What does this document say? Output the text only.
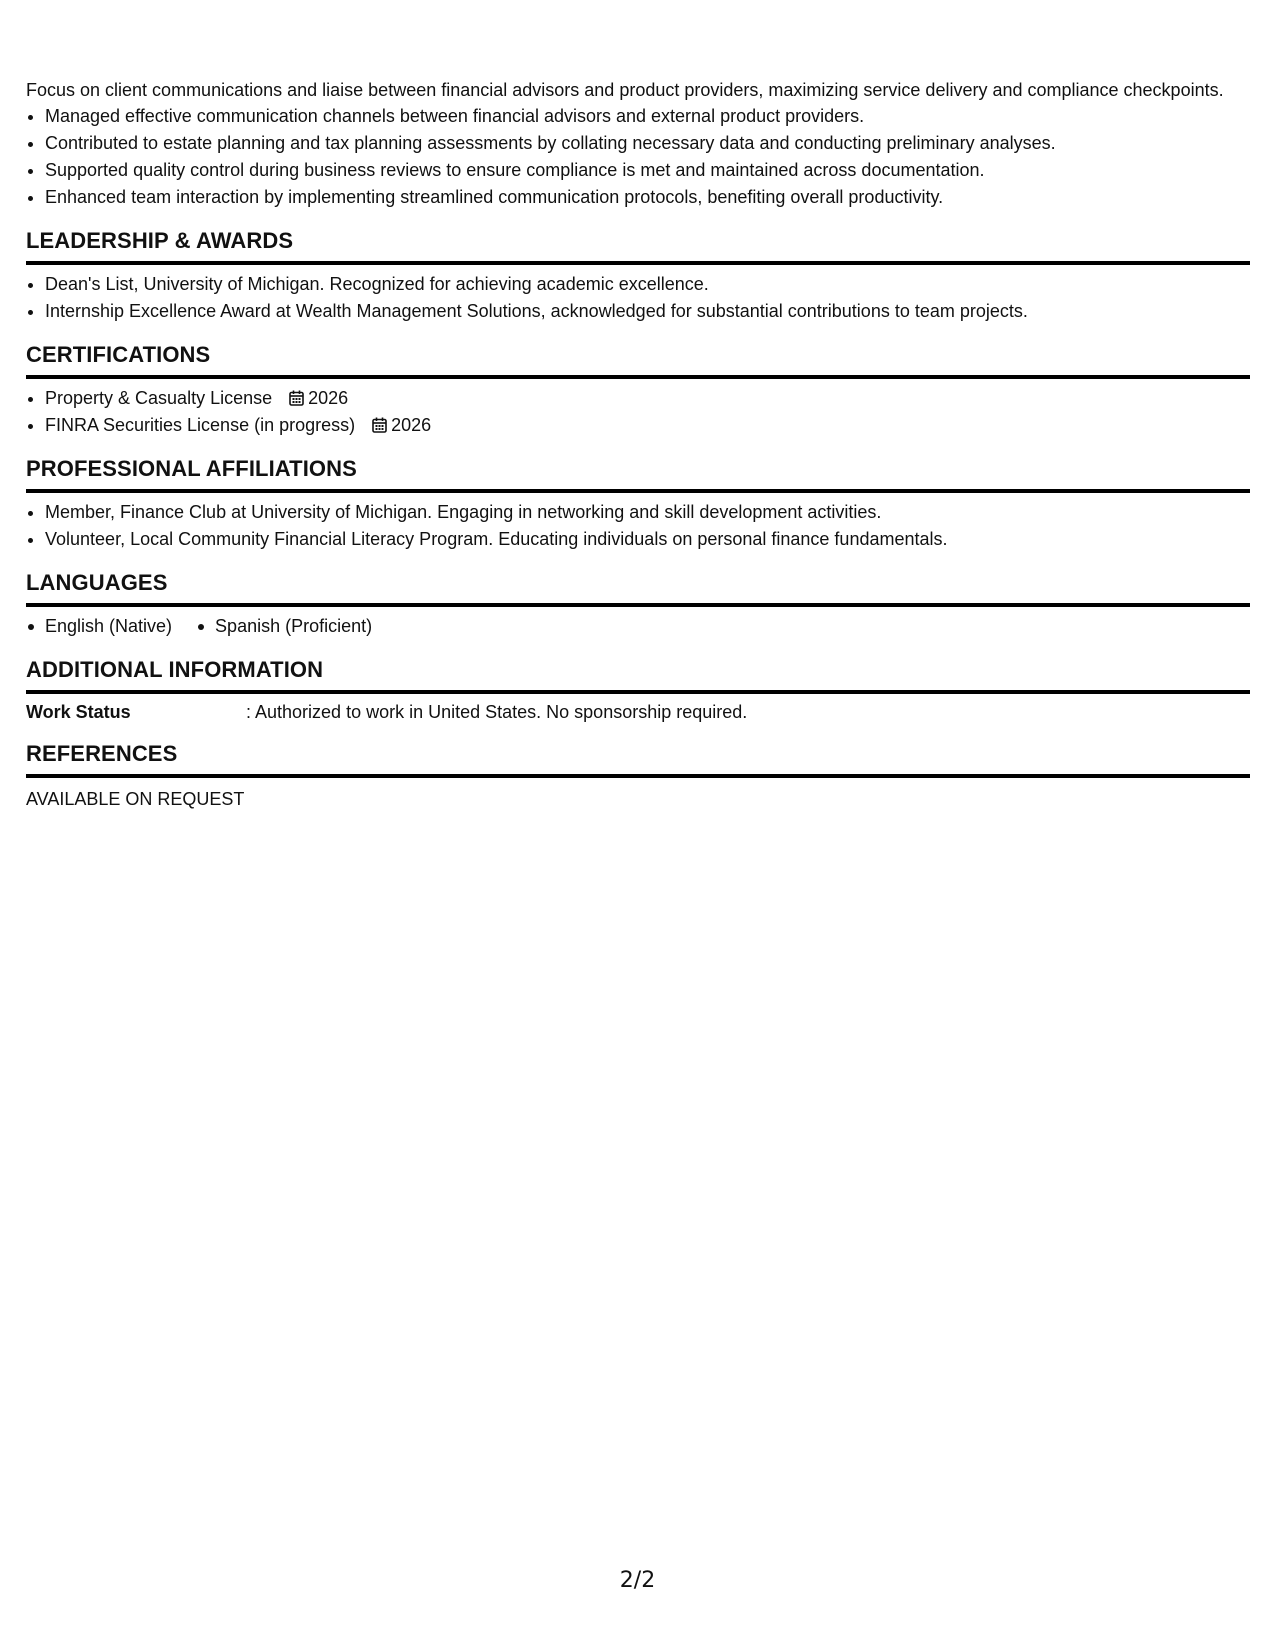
Focus on client communications and liaise between financial advisors and product providers, maximizing service delivery and compliance checkpoints.

• Managed effective communication channels between financial advisors and external product providers.
• Contributed to estate planning and tax planning assessments by collating necessary data and conducting preliminary analyses.
• Supported quality control during business reviews to ensure compliance is met and maintained across documentation.
• Enhanced team interaction by implementing streamlined communication protocols, benefiting overall productivity.
LEADERSHIP & AWARDS
• Dean's List, University of Michigan. Recognized for achieving academic excellence.
• Internship Excellence Award at Wealth Management Solutions, acknowledged for substantial contributions to team projects.
CERTIFICATIONS
• Property & Casualty License 2026
• FINRA Securities License (in progress) 2026
PROFESSIONAL AFFILIATIONS
• Member, Finance Club at University of Michigan. Engaging in networking and skill development activities.
• Volunteer, Local Community Financial Literacy Program. Educating individuals on personal finance fundamentals.
LANGUAGES
English (Native)	Spanish (Proficient)
ADDITIONAL INFORMATION
Work Status	: Authorized to work in United States. No sponsorship required.
REFERENCES
AVAILABLE ON REQUEST
2/2
